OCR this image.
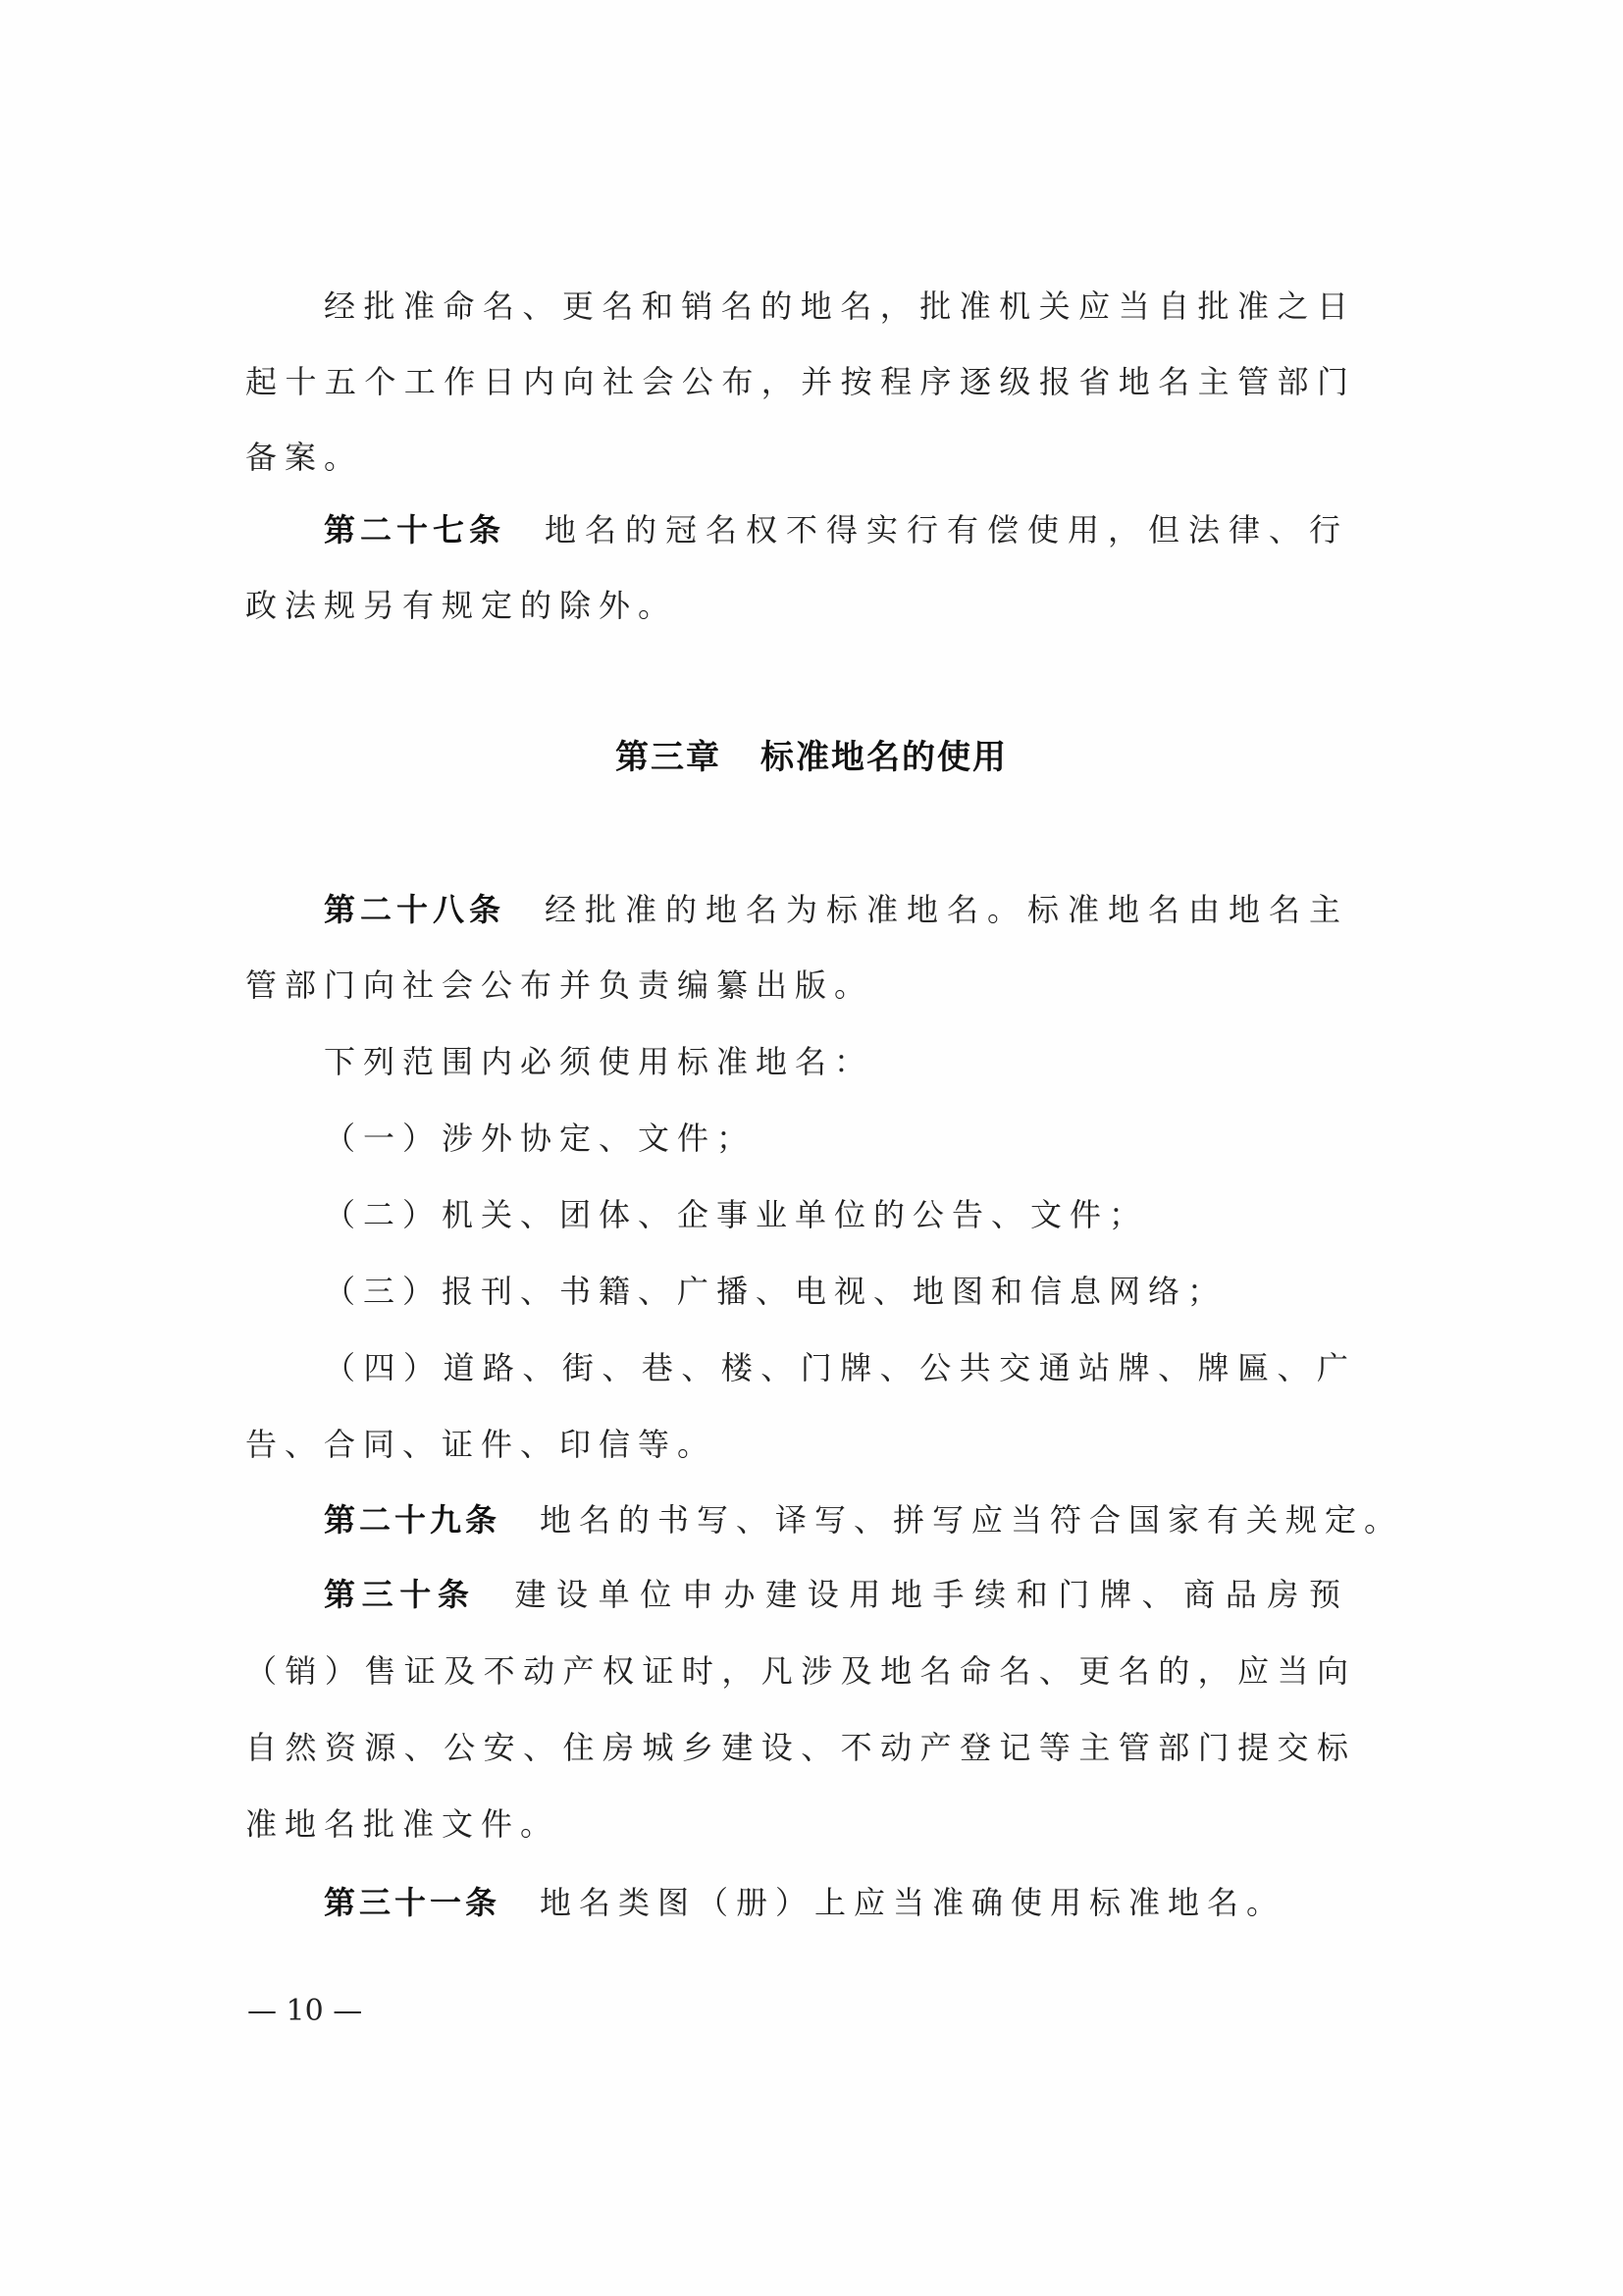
经批准命名、更名和销名的地名，批准机关应当自批准之日
起十五个工作日内向社会公布，并按程序逐级报省地名主管部门
备案。
第二十七条 地名的冠名权不得实行有偿使用，但法律、行
政法规另有规定的除外。
第三章 标准地名的使用
第二十八条 经批准的地名为标准地名。标准地名由地名主
管部门向社会公布并负责编纂出版。
下列范围内必须使用标准地名：
（一）涉外协定、文件；
（二）机关、团体、企事业单位的公告、文件；
（三）报刊、书籍、广播、电视、地图和信息网络；
（四）道路、街、巷、楼、门牌、公共交通站牌、牌匾、广
告、合同、证件、印信等。
第二十九条 地名的书写、译写、拼写应当符合国家有关规定。
第三十条 建设单位申办建设用地手续和门牌、商品房预
（销）售证及不动产权证时，凡涉及地名命名、更名的，应当向
自然资源、公安、住房城乡建设、不动产登记等主管部门提交标
准地名批准文件。
第三十一条 地名类图（册）上应当准确使用标准地名。
— 10 —
